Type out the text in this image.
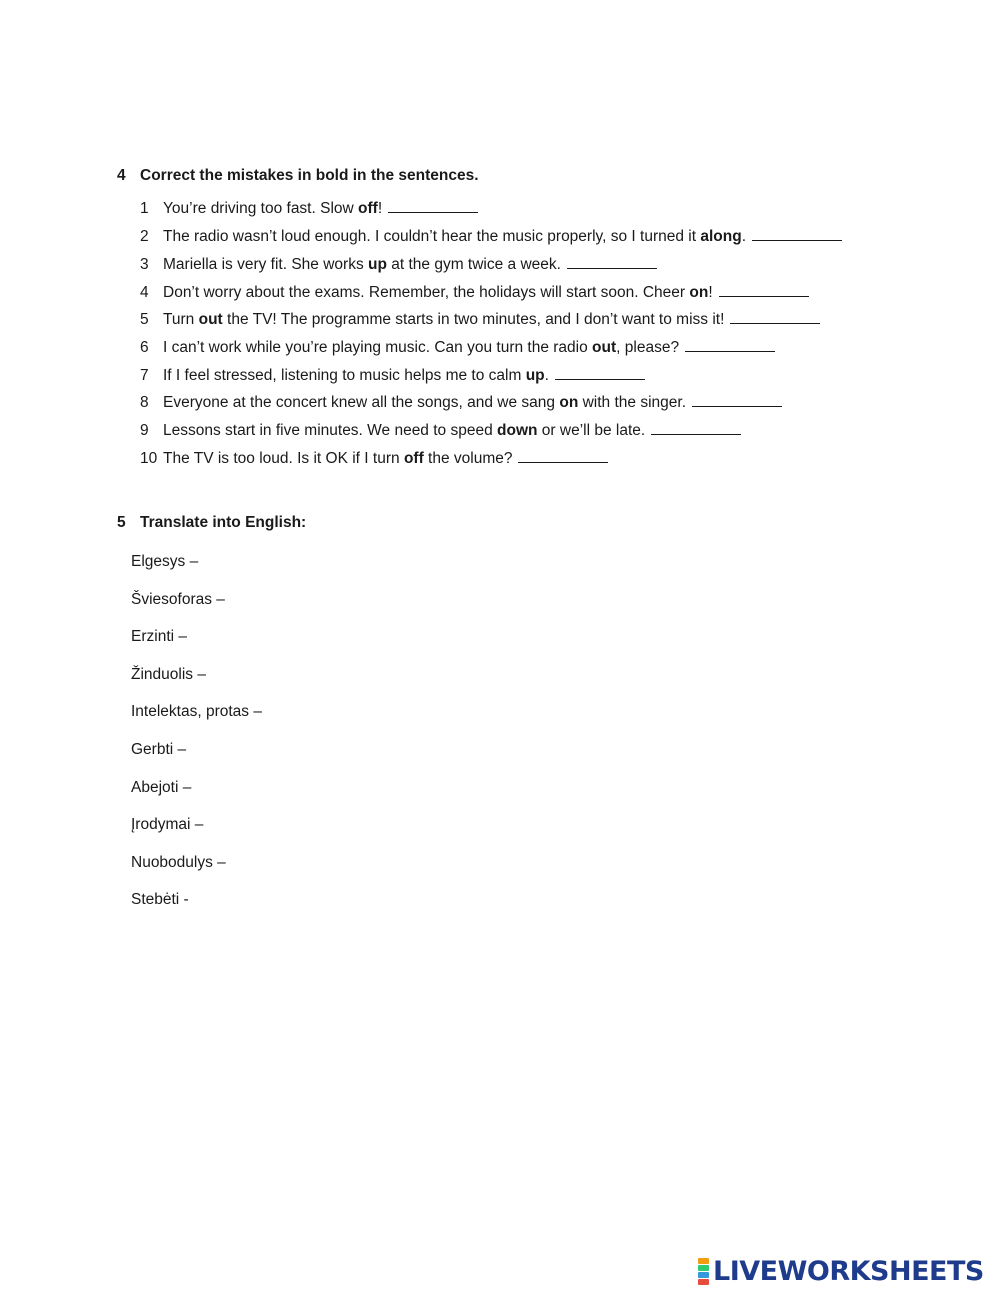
4 Correct the mistakes in bold in the sentences.
1 You’re driving too fast. Slow off!
2 The radio wasn’t loud enough. I couldn’t hear the music properly, so I turned it along.
3 Mariella is very fit. She works up at the gym twice a week.
4 Don’t worry about the exams. Remember, the holidays will start soon. Cheer on!
5 Turn out the TV! The programme starts in two minutes, and I don’t want to miss it!
6 I can’t work while you’re playing music. Can you turn the radio out, please?
7 If I feel stressed, listening to music helps me to calm up.
8 Everyone at the concert knew all the songs, and we sang on with the singer.
9 Lessons start in five minutes. We need to speed down or we’ll be late.
10 The TV is too loud. Is it OK if I turn off the volume?
5 Translate into English:
Elgesys –
Šviesoforas –
Erzinti –
Žinduolis –
Intelektas, protas –
Gerbti –
Abejoti –
Įrodymai –
Nuobodulys –
Stebėti -
LIVEWORKSHEETS
